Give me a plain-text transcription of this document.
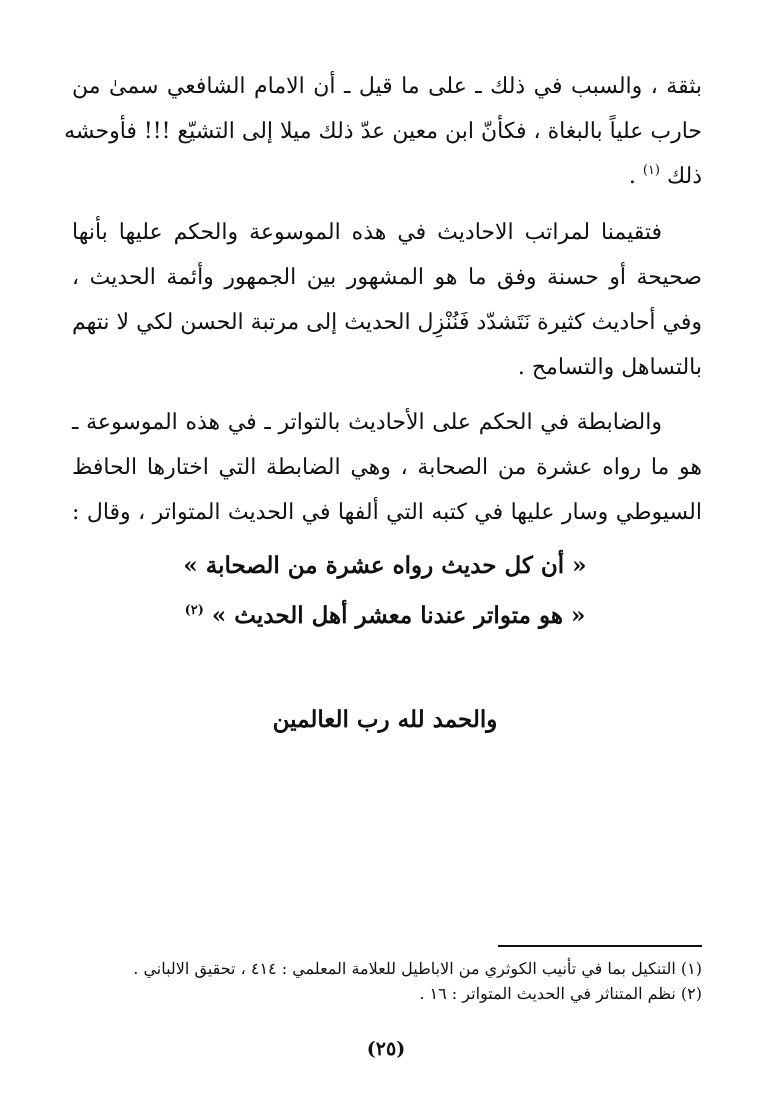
بثقة ، والسبب في ذلك ـ على ما قيل ـ أن الامام الشافعي سمىٰ من
حارب علياً بالبغاة ، فكأنّ ابن معين عدّ ذلك ميلا إلى التشيّع !!! فأوحشه
ذلك $^{(١)}$ .
فتقيمنا لمراتب الاحاديث في هذه الموسوعة والحكم عليها بأنها
صحيحة أو حسنة وفق ما هو المشهور بين الجمهور وأئمة الحديث ،
وفي أحاديث كثيرة نَتَشدّد فَنُنْزِل الحديث إلى مرتبة الحسن لكي لا نتهم
بالتساهل والتسامح .
والضابطة في الحكم على الأحاديث بالتواتر ـ في هذه الموسوعة ـ
هو ما رواه عشرة من الصحابة ، وهي الضابطة التي اختارها الحافظ
السيوطي وسار عليها في كتبه التي ألفها في الحديث المتواتر ، وقال :
« أن كل حديث رواه عشرة من الصحابة »
« هو متواتر عندنا معشر أهل الحديث » $^{(٢)}$
والحمد لله رب العالمين
(١) التنكيل بما في تأنيب الكوثري من الاباطيل للعلامة المعلمي : ٤١٤ ، تحقيق الالباني .
(٢) نظم المتناثر في الحديث المتواتر : ١٦ .
(٢٥)
